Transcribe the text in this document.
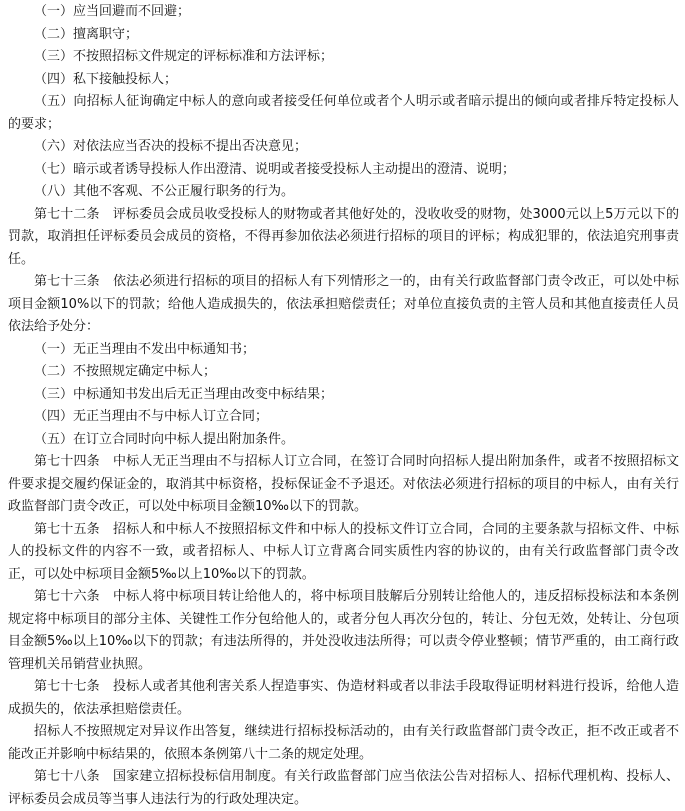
（一）应当回避而不回避；

（二）擅离职守；

（三）不按照招标文件规定的评标标准和方法评标；

（四）私下接触投标人；

（五）向招标人征询确定中标人的意向或者接受任何单位或者个人明示或者暗示提出的倾向或者排斥特定投标人的要求；

（六）对依法应当否决的投标不提出否决意见；

（七）暗示或者诱导投标人作出澄清、说明或者接受投标人主动提出的澄清、说明；

（八）其他不客观、不公正履行职务的行为。

第七十二条　评标委员会成员收受投标人的财物或者其他好处的，没收收受的财物，处3000元以上5万元以下的罚款，取消担任评标委员会成员的资格，不得再参加依法必须进行招标的项目的评标；构成犯罪的，依法追究刑事责任。

第七十三条　依法必须进行招标的项目的招标人有下列情形之一的，由有关行政监督部门责令改正，可以处中标项目金额10%以下的罚款；给他人造成损失的，依法承担赔偿责任；对单位直接负责的主管人员和其他直接责任人员依法给予处分：

（一）无正当理由不发出中标通知书；

（二）不按照规定确定中标人；

（三）中标通知书发出后无正当理由改变中标结果；

（四）无正当理由不与中标人订立合同；

（五）在订立合同时向中标人提出附加条件。

第七十四条　中标人无正当理由不与招标人订立合同，在签订合同时向招标人提出附加条件，或者不按照招标文件要求提交履约保证金的，取消其中标资格，投标保证金不予退还。对依法必须进行招标的项目的中标人，由有关行政监督部门责令改正，可以处中标项目金额10‰以下的罚款。

第七十五条　招标人和中标人不按照招标文件和中标人的投标文件订立合同，合同的主要条款与招标文件、中标人的投标文件的内容不一致，或者招标人、中标人订立背离合同实质性内容的协议的，由有关行政监督部门责令改正，可以处中标项目金额5‰以上10‰以下的罚款。

第七十六条　中标人将中标项目转让给他人的，将中标项目肢解后分别转让给他人的，违反招标投标法和本条例规定将中标项目的部分主体、关键性工作分包给他人的，或者分包人再次分包的，转让、分包无效，处转让、分包项目金额5‰以上10‰以下的罚款；有违法所得的，并处没收违法所得；可以责令停业整顿；情节严重的，由工商行政管理机关吊销营业执照。

第七十七条　投标人或者其他利害关系人捏造事实、伪造材料或者以非法手段取得证明材料进行投诉，给他人造成损失的，依法承担赔偿责任。

招标人不按照规定对异议作出答复，继续进行招标投标活动的，由有关行政监督部门责令改正，拒不改正或者不能改正并影响中标结果的，依照本条例第八十二条的规定处理。

第七十八条　国家建立招标投标信用制度。有关行政监督部门应当依法公告对招标人、招标代理机构、投标人、评标委员会成员等当事人违法行为的行政处理决定。
